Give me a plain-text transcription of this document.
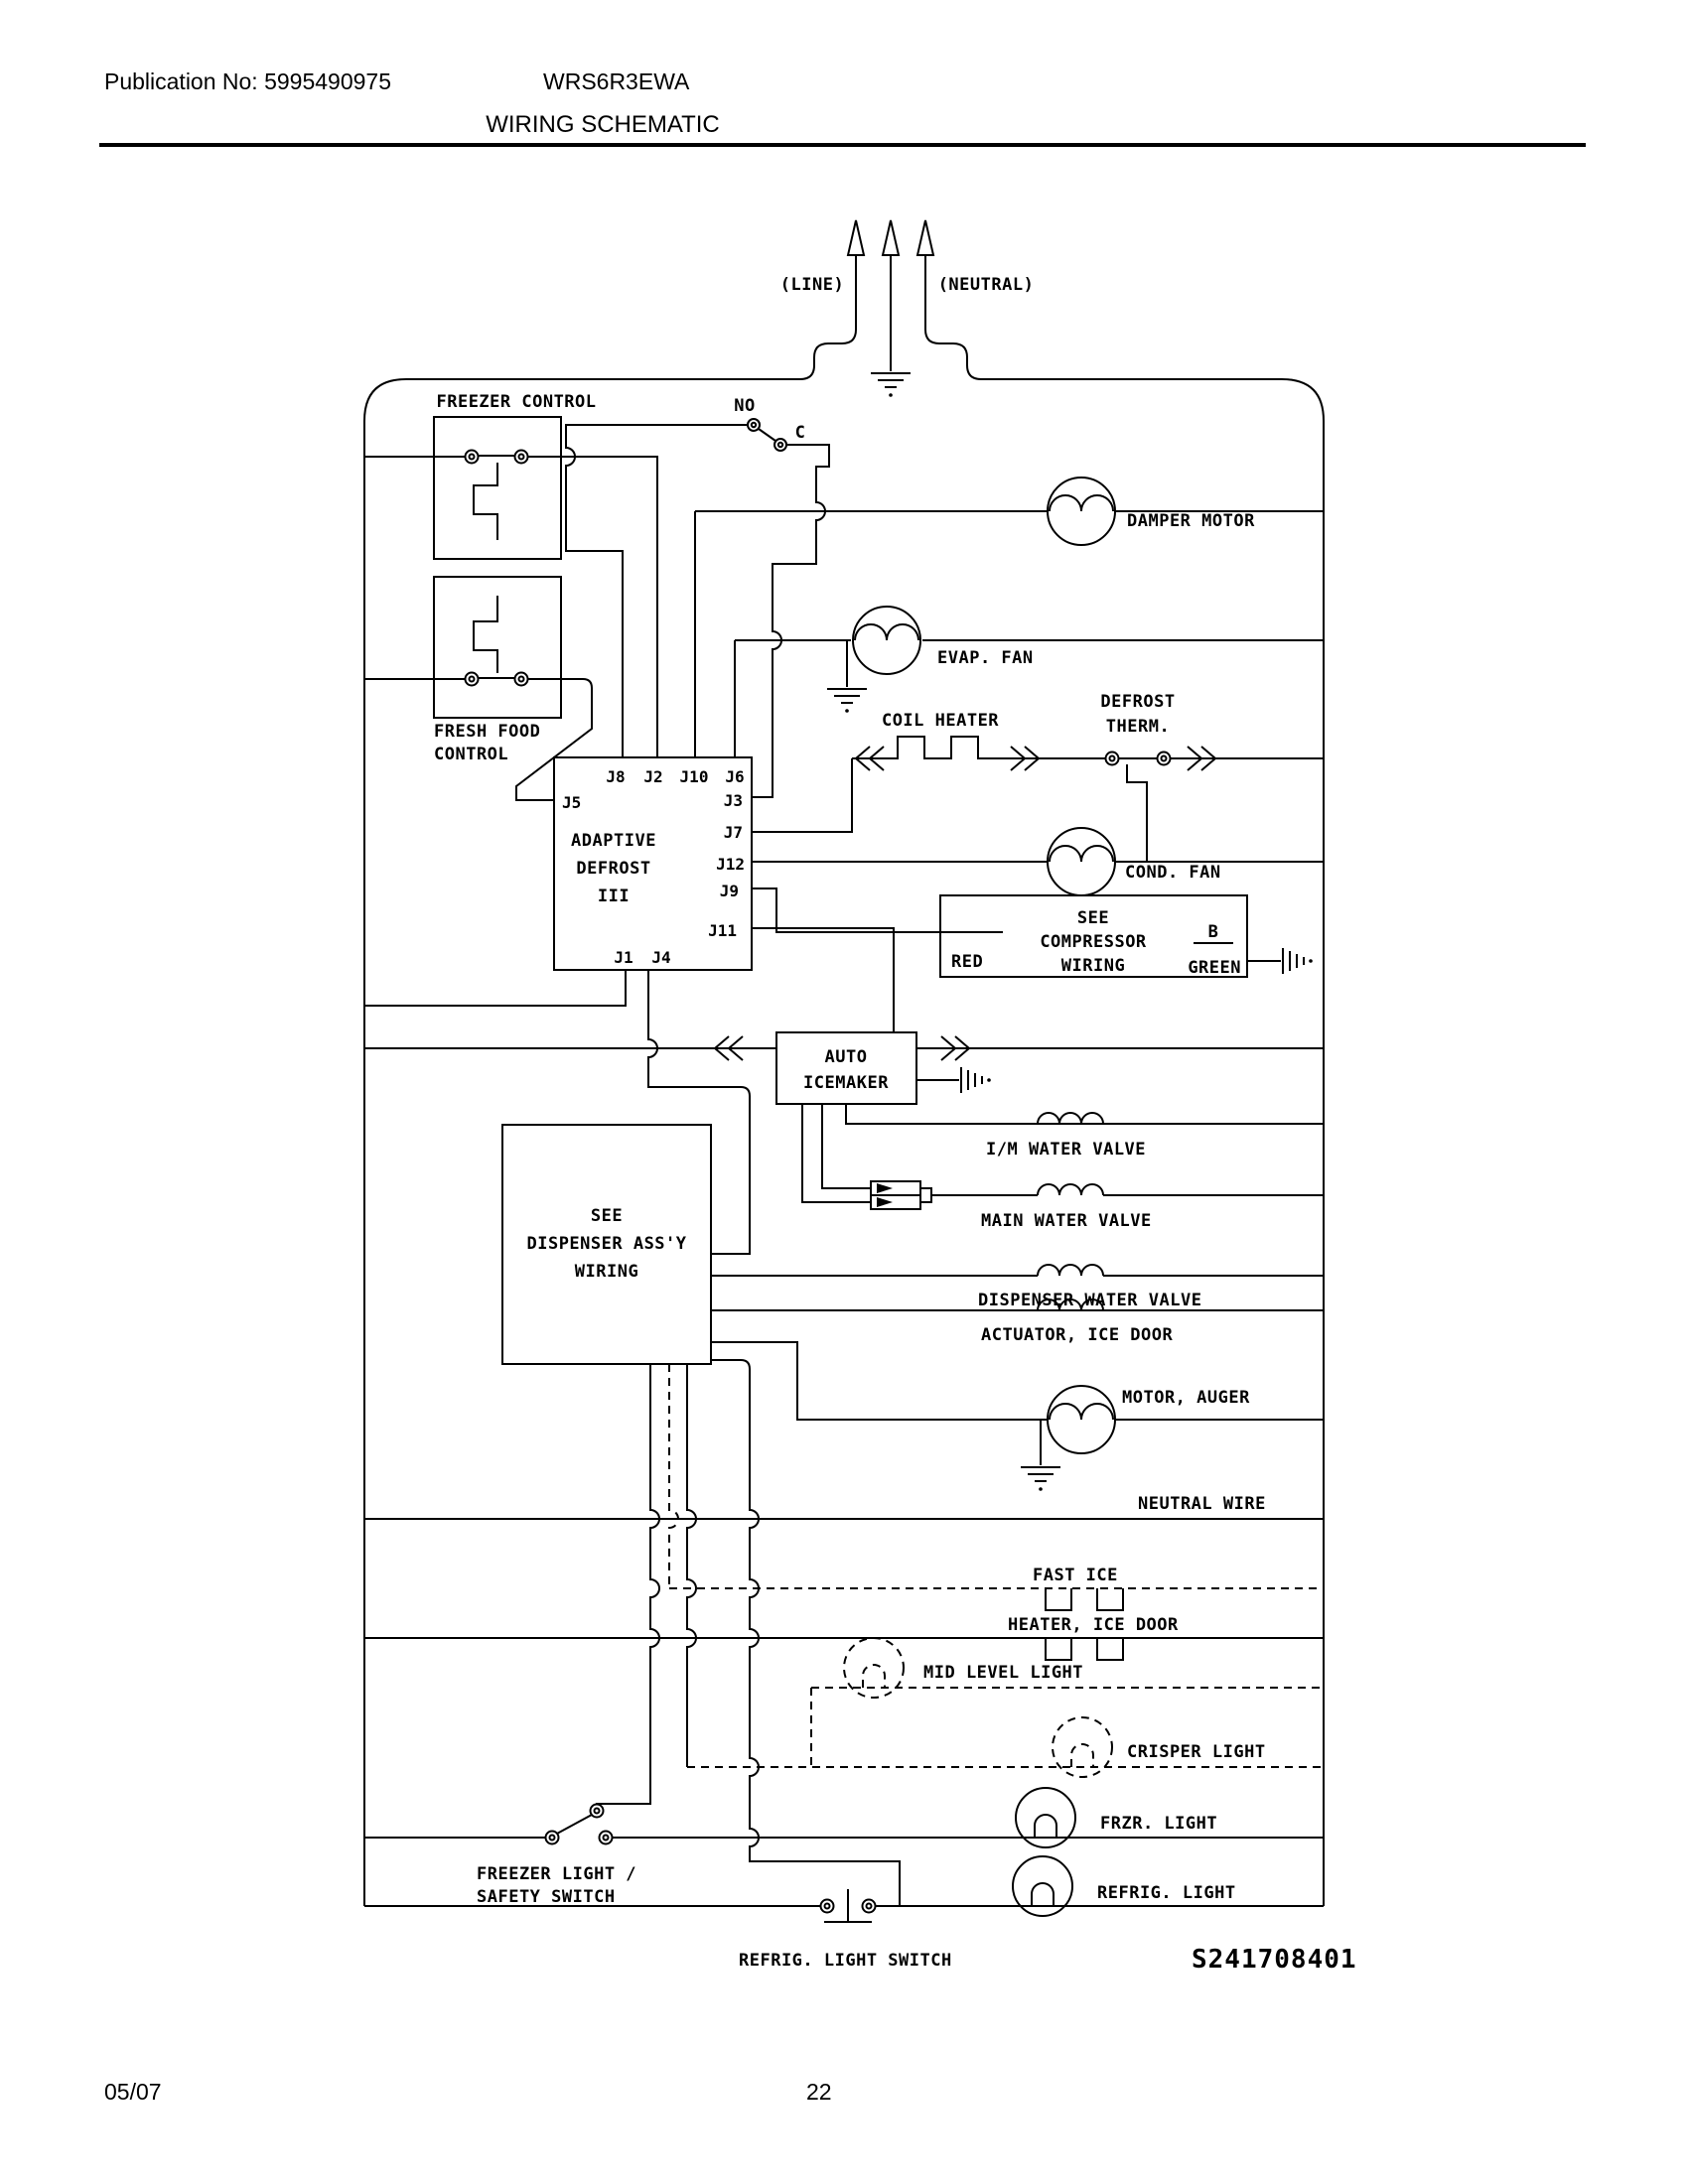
Publication No: 5995490975	WRS6R3EWA
WIRING SCHEMATIC
(LINE)	(NEUTRAL)
FREEZER CONTROL
FRESH FOOD
CONTROL
NO
C
DAMPER MOTOR
EVAP. FAN
COIL HEATER
DEFROST
THERM.
J8 J2 J10 J6
J5	J3
J7
J12
J9
J11
J1 J4
ADAPTIVE
DEFROST
III
COND. FAN
SEE
COMPRESSOR
WIRING
RED
B
GREEN
AUTO
ICEMAKER
I/M WATER VALVE
MAIN WATER VALVE
DISPENSER WATER VALVE
ACTUATOR, ICE DOOR
SEE
DISPENSER ASS'Y
WIRING
MOTOR, AUGER
NEUTRAL WIRE
FAST ICE
HEATER, ICE DOOR
MID LEVEL LIGHT
CRISPER LIGHT
FRZR. LIGHT
REFRIG. LIGHT
FREEZER LIGHT /
SAFETY SWITCH
REFRIG. LIGHT SWITCH	S241708401
05/07	22
